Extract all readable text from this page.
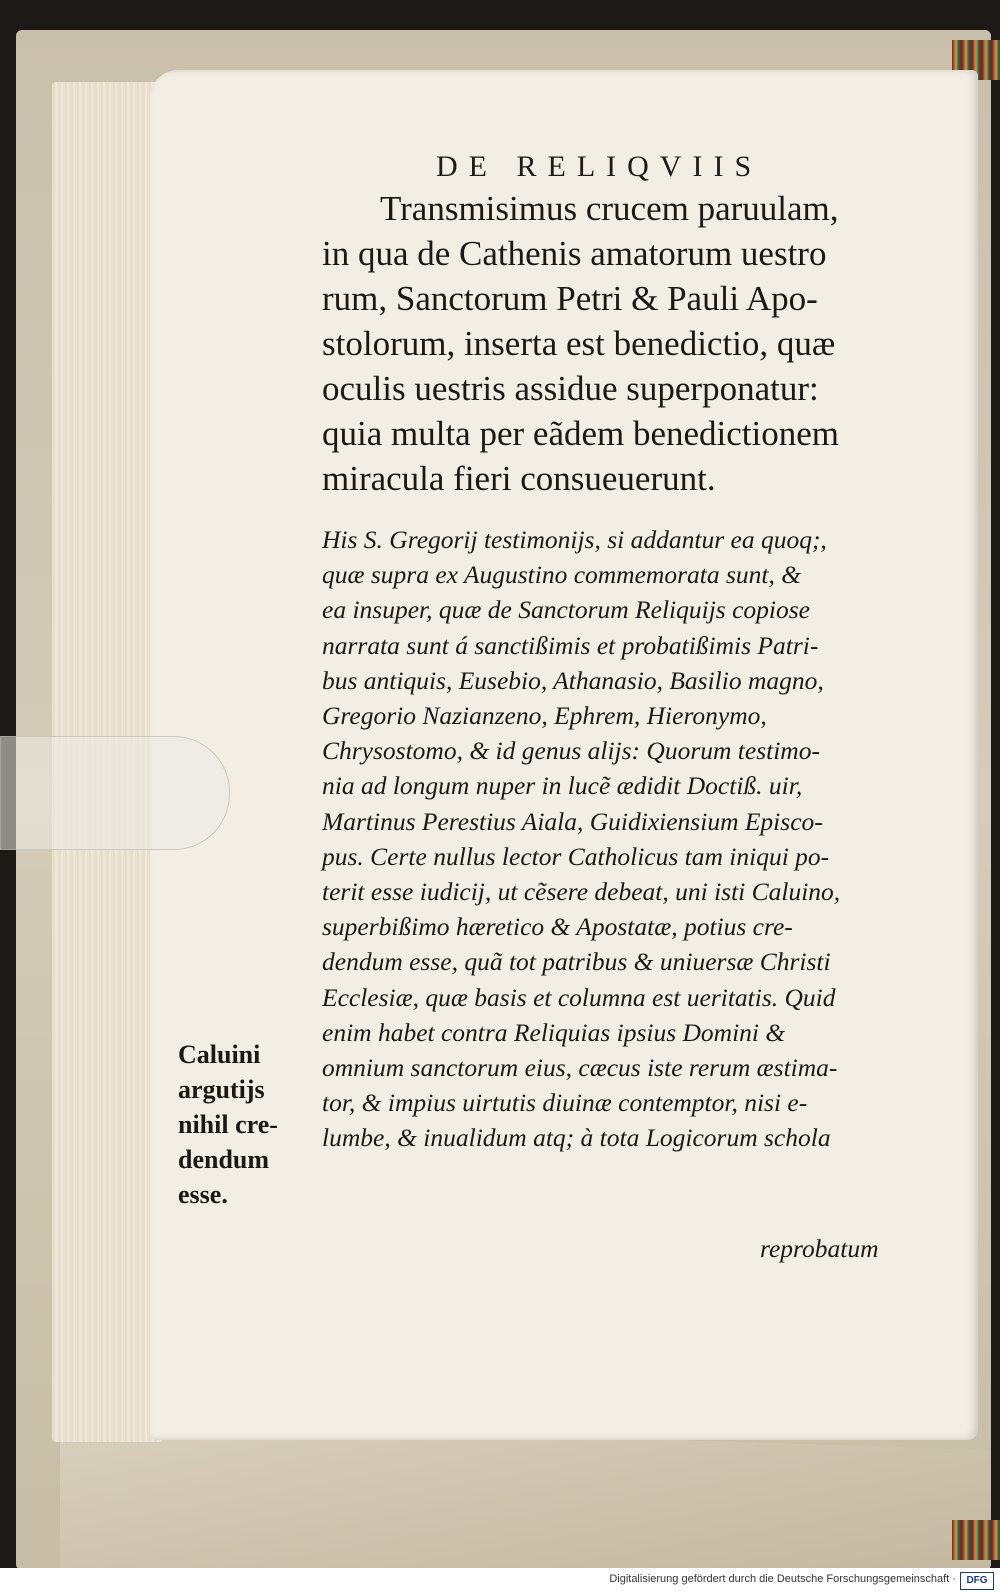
DE RELIQVIIS
Transmisimus crucem paruulam,
in qua de Cathenis amatorum uestro
rum, Sanctorum Petri & Pauli Apo-
stolorum, inserta est benedictio, quæ
oculis uestris assidue superponatur:
quia multa per eãdem benedictionem
miracula fieri consueuerunt.
His S. Gregorij testimonijs, si addantur ea quoq;,
quæ supra ex Augustino commemorata sunt, &
ea insuper, quæ de Sanctorum Reliquijs copiose
narrata sunt á sanctißimis et probatißimis Patri-
bus antiquis, Eusebio, Athanasio, Basilio magno,
Gregorio Nazianzeno, Ephrem, Hieronymo,
Chrysostomo, & id genus alijs: Quorum testimo-
nia ad longum nuper in lucẽ ædidit Doctiß. uir,
Martinus Perestius Aiala, Guidixiensium Episco-
pus. Certe nullus lector Catholicus tam iniqui po-
terit esse iudicij, ut cẽsere debeat, uni isti Caluino,
superbißimo hæretico & Apostatæ, potius cre-
dendum esse, quã tot patribus & uniuersæ Christi
Ecclesiæ, quæ basis et columna est ueritatis. Quid
enim habet contra Reliquias ipsius Domini &
omnium sanctorum eius, cæcus iste rerum æstima-
tor, & impius uirtutis diuinæ contemptor, nisi e-
lumbe, & inualidum atq; à tota Logicorum schola
reprobatum
Caluini
argutijs
nihil cre-
dendum
esse.
Digitalisierung gefördert durch die Deutsche Forschungsgemeinschaft ·	DFG
